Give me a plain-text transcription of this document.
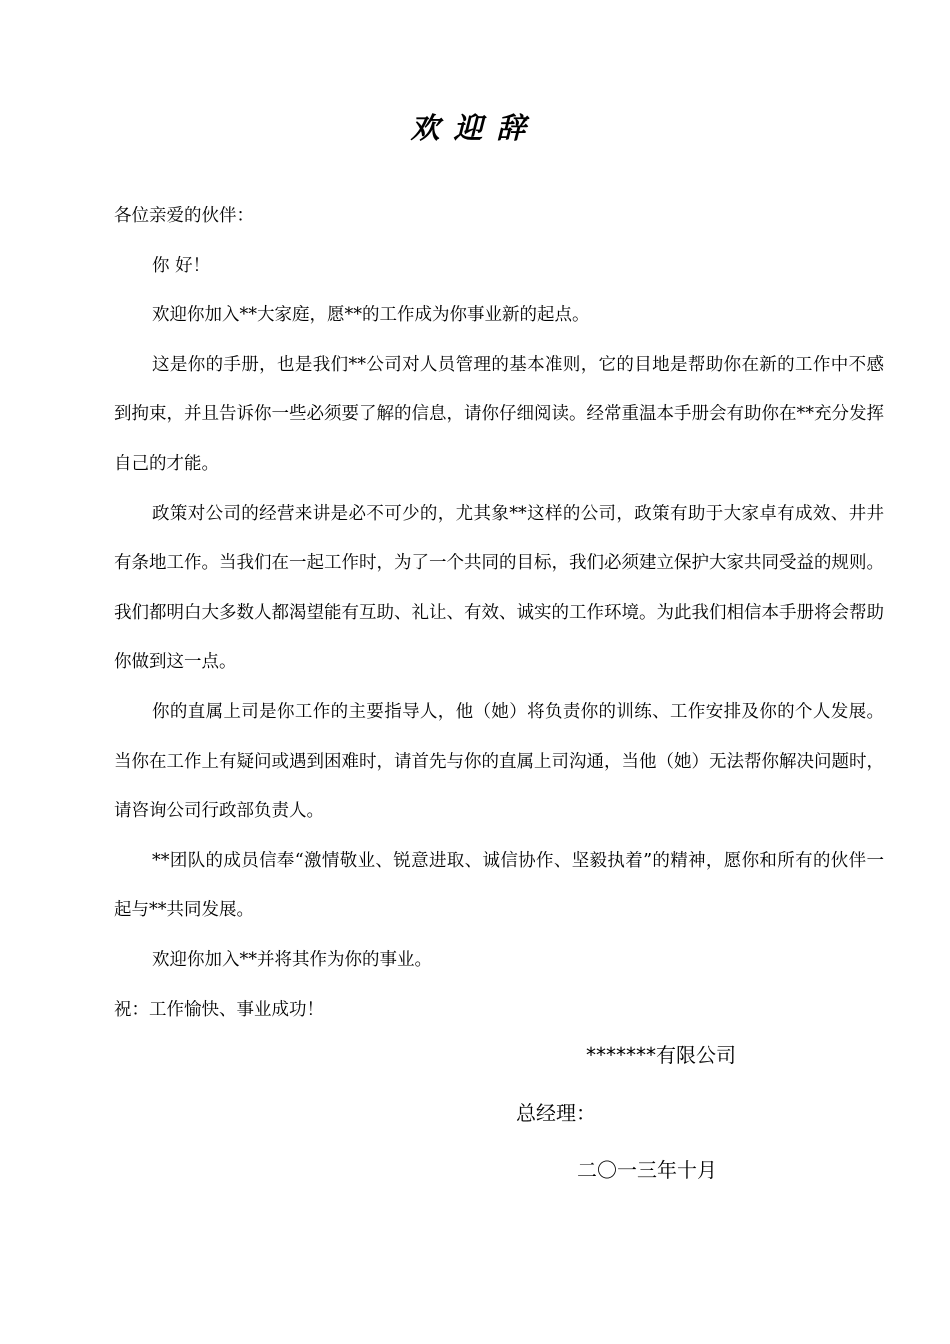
欢迎辞

各位亲爱的伙伴：

你 好！

欢迎你加入**大家庭，愿**的工作成为你事业新的起点。

这是你的手册，也是我们**公司对人员管理的基本准则，它的目地是帮助你在新的工作中不感到拘束，并且告诉你一些必须要了解的信息，请你仔细阅读。经常重温本手册会有助你在**充分发挥自己的才能。

政策对公司的经营来讲是必不可少的，尤其象**这样的公司，政策有助于大家卓有成效、井井有条地工作。当我们在一起工作时，为了一个共同的目标，我们必须建立保护大家共同受益的规则。我们都明白大多数人都渴望能有互助、礼让、有效、诚实的工作环境。为此我们相信本手册将会帮助你做到这一点。

你的直属上司是你工作的主要指导人，他（她）将负责你的训练、工作安排及你的个人发展。当你在工作上有疑问或遇到困难时，请首先与你的直属上司沟通，当他（她）无法帮你解决问题时，请咨询公司行政部负责人。

**团队的成员信奉“激情敬业、锐意进取、诚信协作、坚毅执着”的精神，愿你和所有的伙伴一起与**共同发展。

欢迎你加入**并将其作为你的事业。

祝：工作愉快、事业成功！

*******有限公司
总经理：
二〇一三年十月
